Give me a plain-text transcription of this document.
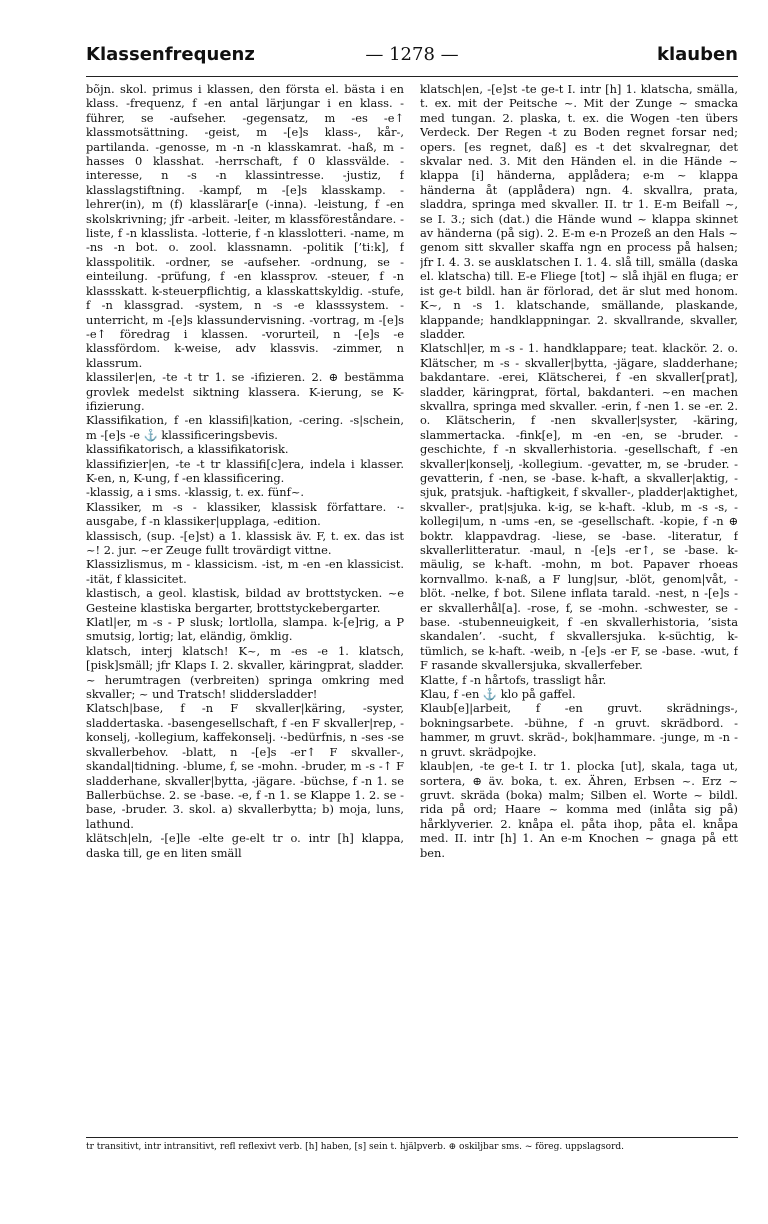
Klassenfrequenz	— 1278 —	klauben

bõjn. skol. primus i klassen, den första el. bästa i en klass. -frequenz, f -en antal lärjungar i en klass. -führer, se -aufseher. -gegensatz, m -es -e↑ klassmotsättning. -geist, m -[e]s klass-, kår-, partilanda. -genosse, m -n -n klasskamrat. -haß, m -hasses 0 klasshat. -herrschaft, f 0 klassvälde. -interesse, n -s -n klassintresse. -justiz, f klasslagstiftning. -kampf, m -[e]s klasskamp. -lehrer(in), m (f) klasslärar[e (-inna). -leistung, f -en skolskrivning; jfr -arbeit. -leiter, m klassföreståndare. -liste, f -n klasslista. -lotterie, f -n klasslotteri. -name, m -ns -n bot. o. zool. klassnamn. -politik [’ti:k], f klasspolitik. -ordner, se -aufseher. -ordnung, se -einteilung. -prüfung, f -en klassprov. -steuer, f -n klassskatt. k-steuerpflichtig, a klasskattskyldig. -stufe, f -n klassgrad. -system, n -s -e klasssystem. -unterricht, m -[e]s klassundervisning. -vortrag, m -[e]s -e↑ föredrag i klassen. -vorurteil, n -[e]s -e klassfördom. k-weise, adv klassvis. -zimmer, n klassrum.

klassiler|en, -te -t tr 1. se -ifizieren. 2. ⊕ bestämma grovlek medelst siktning klassera. K-ierung, se K-ifizierung.

Klassifikation, f -en klassifi|kation, -cering. -s|schein, m -[e]s -e ⚓ klassificeringsbevis.

klassifikatorisch, a klassifikatorisk.

klassifizier|en, -te -t tr klassifi[c]era, indela i klasser. K-en, n, K-ung, f -en klassificering.

-klassig, a i sms. -klassig, t. ex. fünf~.

Klassiker, m -s - klassiker, klassisk författare. ·-ausgabe, f -n klassiker|upplaga, -edition.

klassisch, (sup. -[e]st) a 1. klassisk äv. F, t. ex. das ist ~! 2. jur. ~er Zeuge fullt trovärdigt vittne.

Klassizlismus, m - klassicism. -ist, m -en -en klassicist. -ität, f klassicitet.

klastisch, a geol. klastisk, bildad av brottstycken. ~e Gesteine klastiska bergarter, brottstyckebergarter.

Klatl|er, m -s - P slusk; lortlolla, slampa. k-[e]rig, a P smutsig, lortig; lat, eländig, ömklig.

klatsch, interj klatsch! K~, m -es -e 1. klatsch, [pisk]smäll; jfr Klaps I. 2. skvaller, käringprat, sladder. ~ herumtragen (verbreiten) springa omkring med skvaller; ~ und Tratsch! sliddersladder!

Klatsch|base, f -n F skvaller|käring, -syster, sladdertaska. -basengesellschaft, f -en F skvaller|rep, -konselj, -kollegium, kaffekonselj. ·-bedürfnis, n -ses -se skvallerbehov. -blatt, n -[e]s -er↑ F skvaller-, skandal|tidning. -blume, f, se -mohn. -bruder, m -s -↑ F sladderhane, skvaller|bytta, -jägare. -büchse, f -n 1. se Ballerbüchse. 2. se -base. -e, f -n 1. se Klappe 1. 2. se -base, -bruder. 3. skol. a) skvallerbytta; b) moja, luns, lathund.

klätsch|eln, -[e]le -elte ge-elt tr o. intr [h] klappa, daska till, ge en liten smäll

klatsch|en, -[e]st -te ge-t I. intr [h] 1. klatscha, smälla, t. ex. mit der Peitsche ~. Mit der Zunge ~ smacka med tungan. 2. plaska, t. ex. die Wogen -ten übers Verdeck. Der Regen -t zu Boden regnet forsar ned; opers. [es regnet, daß] es -t det skvalregnar, det skvalar ned. 3. Mit den Händen el. in die Hände ~ klappa [i] händerna, applådera; e-m ~ klappa händerna åt (applådera) ngn. 4. skvallra, prata, sladdra, springa med skvaller. II. tr 1. E-m Beifall ~, se I. 3.; sich (dat.) die Hände wund ~ klappa skinnet av händerna (på sig). 2. E-m e-n Prozeß an den Hals ~ genom sitt skvaller skaffa ngn en process på halsen; jfr I. 4. 3. se ausklatschen I. 1. 4. slå till, smälla (daska el. klatscha) till. E-e Fliege [tot] ~ slå ihjäl en fluga; er ist ge-t bildl. han är förlorad, det är slut med honom. K~, n -s 1. klatschande, smällande, plaskande, klappande; handklappningar. 2. skvallrande, skvaller, sladder.

Klatschl|er, m -s - 1. handklappare; teat. klackör. 2. o. Klätscher, m -s - skvaller|bytta, -jägare, sladderhane; bakdantare. -erei, Klätscherei, f -en skvaller[prat], sladder, käringprat, förtal, bakdanteri. ~en machen skvallra, springa med skvaller. -erin, f -nen 1. se -er. 2. o. Klätscherin, f -nen skvaller|syster, -käring, slammertacka. -fink[e], m -en -en, se -bruder. -geschichte, f -n skvallerhistoria. -gesellschaft, f -en skvaller|konselj, -kollegium. -gevatter, m, se -bruder. -gevatterin, f -nen, se -base. k-haft, a skvaller|aktig, -sjuk, pratsjuk. -haftigkeit, f skvaller-, pladder|aktighet, skvaller-, prat|sjuka. k-ig, se k-haft. -klub, m -s -s, -kollegi|um, n -ums -en, se -gesellschaft. -kopie, f -n ⊕ boktr. klappavdrag. -liese, se -base. -literatur, f skvallerlitteratur. -maul, n -[e]s -er↑, se -base. k-mäulig, se k-haft. -mohn, m bot. Papaver rhoeas kornvallmo. k-naß, a F lung|sur, -blöt, genom|våt, -blöt. -nelke, f bot. Silene inflata tarald. -nest, n -[e]s -er skvallerhål[a]. -rose, f, se -mohn. -schwester, se -base. -stubenneuigkeit, f -en skvallerhistoria, ’sista skandalen’. -sucht, f skvallersjuka. k-süchtig, k-tümlich, se k-haft. -weib, n -[e]s -er F, se -base. -wut, f F rasande skvallersjuka, skvallerfeber.

Klatte, f -n hårtofs, trassligt hår.

Klau, f -en ⚓ klo på gaffel.

Klaub[e]|arbeit, f -en gruvt. skrädnings-, bokningsarbete. -bühne, f -n gruvt. skrädbord. -hammer, m gruvt. skräd-, bok|hammare. -junge, m -n -n gruvt. skrädpojke.

klaub|en, -te ge-t I. tr 1. plocka [ut], skala, taga ut, sortera, ⊕ äv. boka, t. ex. Ähren, Erbsen ~. Erz ~ gruvt. skräda (boka) malm; Silben el. Worte ~ bildl. rida på ord; Haare ~ komma med (inlåta sig på) hårklyverier. 2. knåpa el. påta ihop, påta el. knåpa med. II. intr [h] 1. An e-m Knochen ~ gnaga på ett ben.

tr transitivt, intr intransitivt, refl reflexivt verb. [h] haben, [s] sein t. hjälpverb. ⊕ oskiljbar sms. ~ föreg. uppslagsord.
